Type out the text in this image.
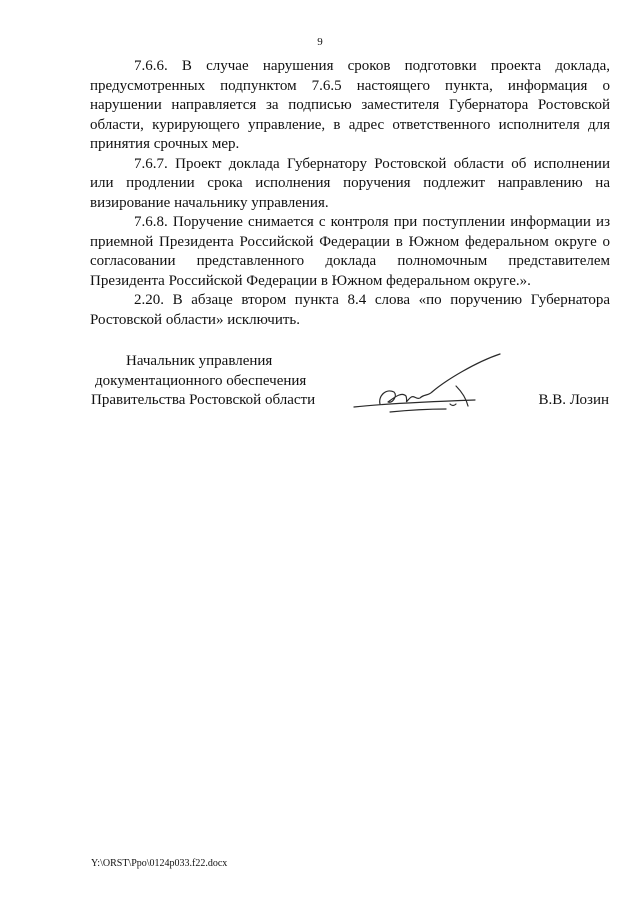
9

7.6.6. В случае нарушения сроков подготовки проекта доклада, предусмотренных подпунктом 7.6.5 настоящего пункта, информация о нарушении направляется за подписью заместителя Губернатора Ростовской области, курирующего управление, в адрес ответственного исполнителя для принятия срочных мер.

7.6.7. Проект доклада Губернатору Ростовской области об исполнении или продлении срока исполнения поручения подлежит направлению на визирование начальнику управления.

7.6.8. Поручение снимается с контроля при поступлении информации из приемной Президента Российской Федерации в Южном федеральном округе о согласовании представленного доклада полномочным представителем Президента Российской Федерации в Южном федеральном округе.».

2.20. В абзаце втором пункта 8.4 слова «по поручению Губернатора Ростовской области» исключить.

Начальник управления
документационного обеспечения
Правительства Ростовской области	В.В. Лозин
Y:\ORST\Ppo\0124p033.f22.docx
